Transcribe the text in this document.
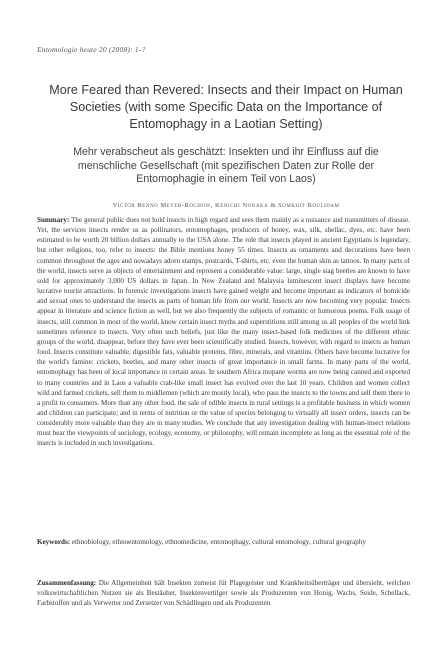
Entomologie heute 20 (2008): 1-?
More Feared than Revered: Insects and their Impact on Human Societies (with some Specific Data on the Importance of Entomophagy in a Laotian Setting)
Mehr verabscheut als geschätzt: Insekten und ihr Einfluss auf die menschliche Gesellschaft (mit spezifischen Daten zur Rolle der Entomophagie in einem Teil von Laos)
Victor Benno Meyer-Rochow, Kenichi Nonaka & Somkhit Boulidam

Summary: The general public does not hold insects in high regard and sees them mainly as a nuisance and transmitters of disease. Yet, the services insects render us as pollinators, entomophages, producers of honey, wax, silk, shellac, dyes, etc. have been estimated to be worth 20 billion dollars annually to the USA alone. The role that insects played in ancient Egyptians is legendary, but other religions, too, refer to insects: the Bible mentions honey 55 times. Insects as ornaments and decorations have been common throughout the ages and nowadays adorn stamps, postcards, T-shirts, etc. even the human skin as tattoos. In many parts of the world, insects serve as objects of entertainment and represent a considerable value: large, single stag beetles are known to have sold for approximately 3,000 US dollars in Japan. In New Zealand and Malaysia luminescent insect displays have become lucrative tourist attractions. In forensic investigations insects have gained weight and become important as indicators of homicide and sexual ones to understand the insects as parts of human life from our world. Insects are now becoming very popular. Insects appear in literature and science fiction as well, but we also frequently the subjects of romantic or humorous poems. Folk usage of insects, still common in most of the world, know certain insect myths and superstitions still among us all peoples of the world link sometimes reference to insects. Very often such beliefs, just like the many insect-based folk medicines of the different ethnic groups of the world, disappear, before they have ever been scientifically studied. Insects, however, with regard to insects as human food. Insects constitute valuable, digestible fats, valuable proteins, fibre, minerals, and vitamins. Others have become lucrative for the world's famine: crickets, beetles, and many other insects of great importance in small farms. In many parts of the world, entomophagy has been of local importance in certain areas. In southern Africa mopane worms are now being canned and exported to many countries and in Laos a valuable crab-like small insect has evolved over the last 10 years. Children and women collect wild and farmed crickets, sell them to middlemen (which are mostly local), who pass the insects to the towns and sell them there to a profit to consumers. More than any other food, the sale of edible insects in rural settings is a profitable business in which women and children can participate; and in terms of nutrition or the value of species belonging to virtually all insect orders, insects can be considerably more valuable than they are in many studies. We conclude that any investigation dealing with human-insect relations must bear the viewpoints of sociology, ecology, economy, or philosophy, will remain incomplete as long as the essential role of the insects is included in such investigations.

Keywords: ethnobiology, ethnoentomology, ethnomedicine, entomophagy, cultural entomology, cultural geography
Zusammenfassung: Die Allgemeinheit hält Insekten zumeist für Plagegeister und Krankheitsüberträger und übersieht, welchen volkswirtschaftlichen Nutzen sie als Bestäuber, Insektenvertilger sowie als Produzenten von Honig, Wachs, Seide, Schellack, Farbstoffen und als Verwerter und Zersetzer von Schädlingen und als Produzenten
